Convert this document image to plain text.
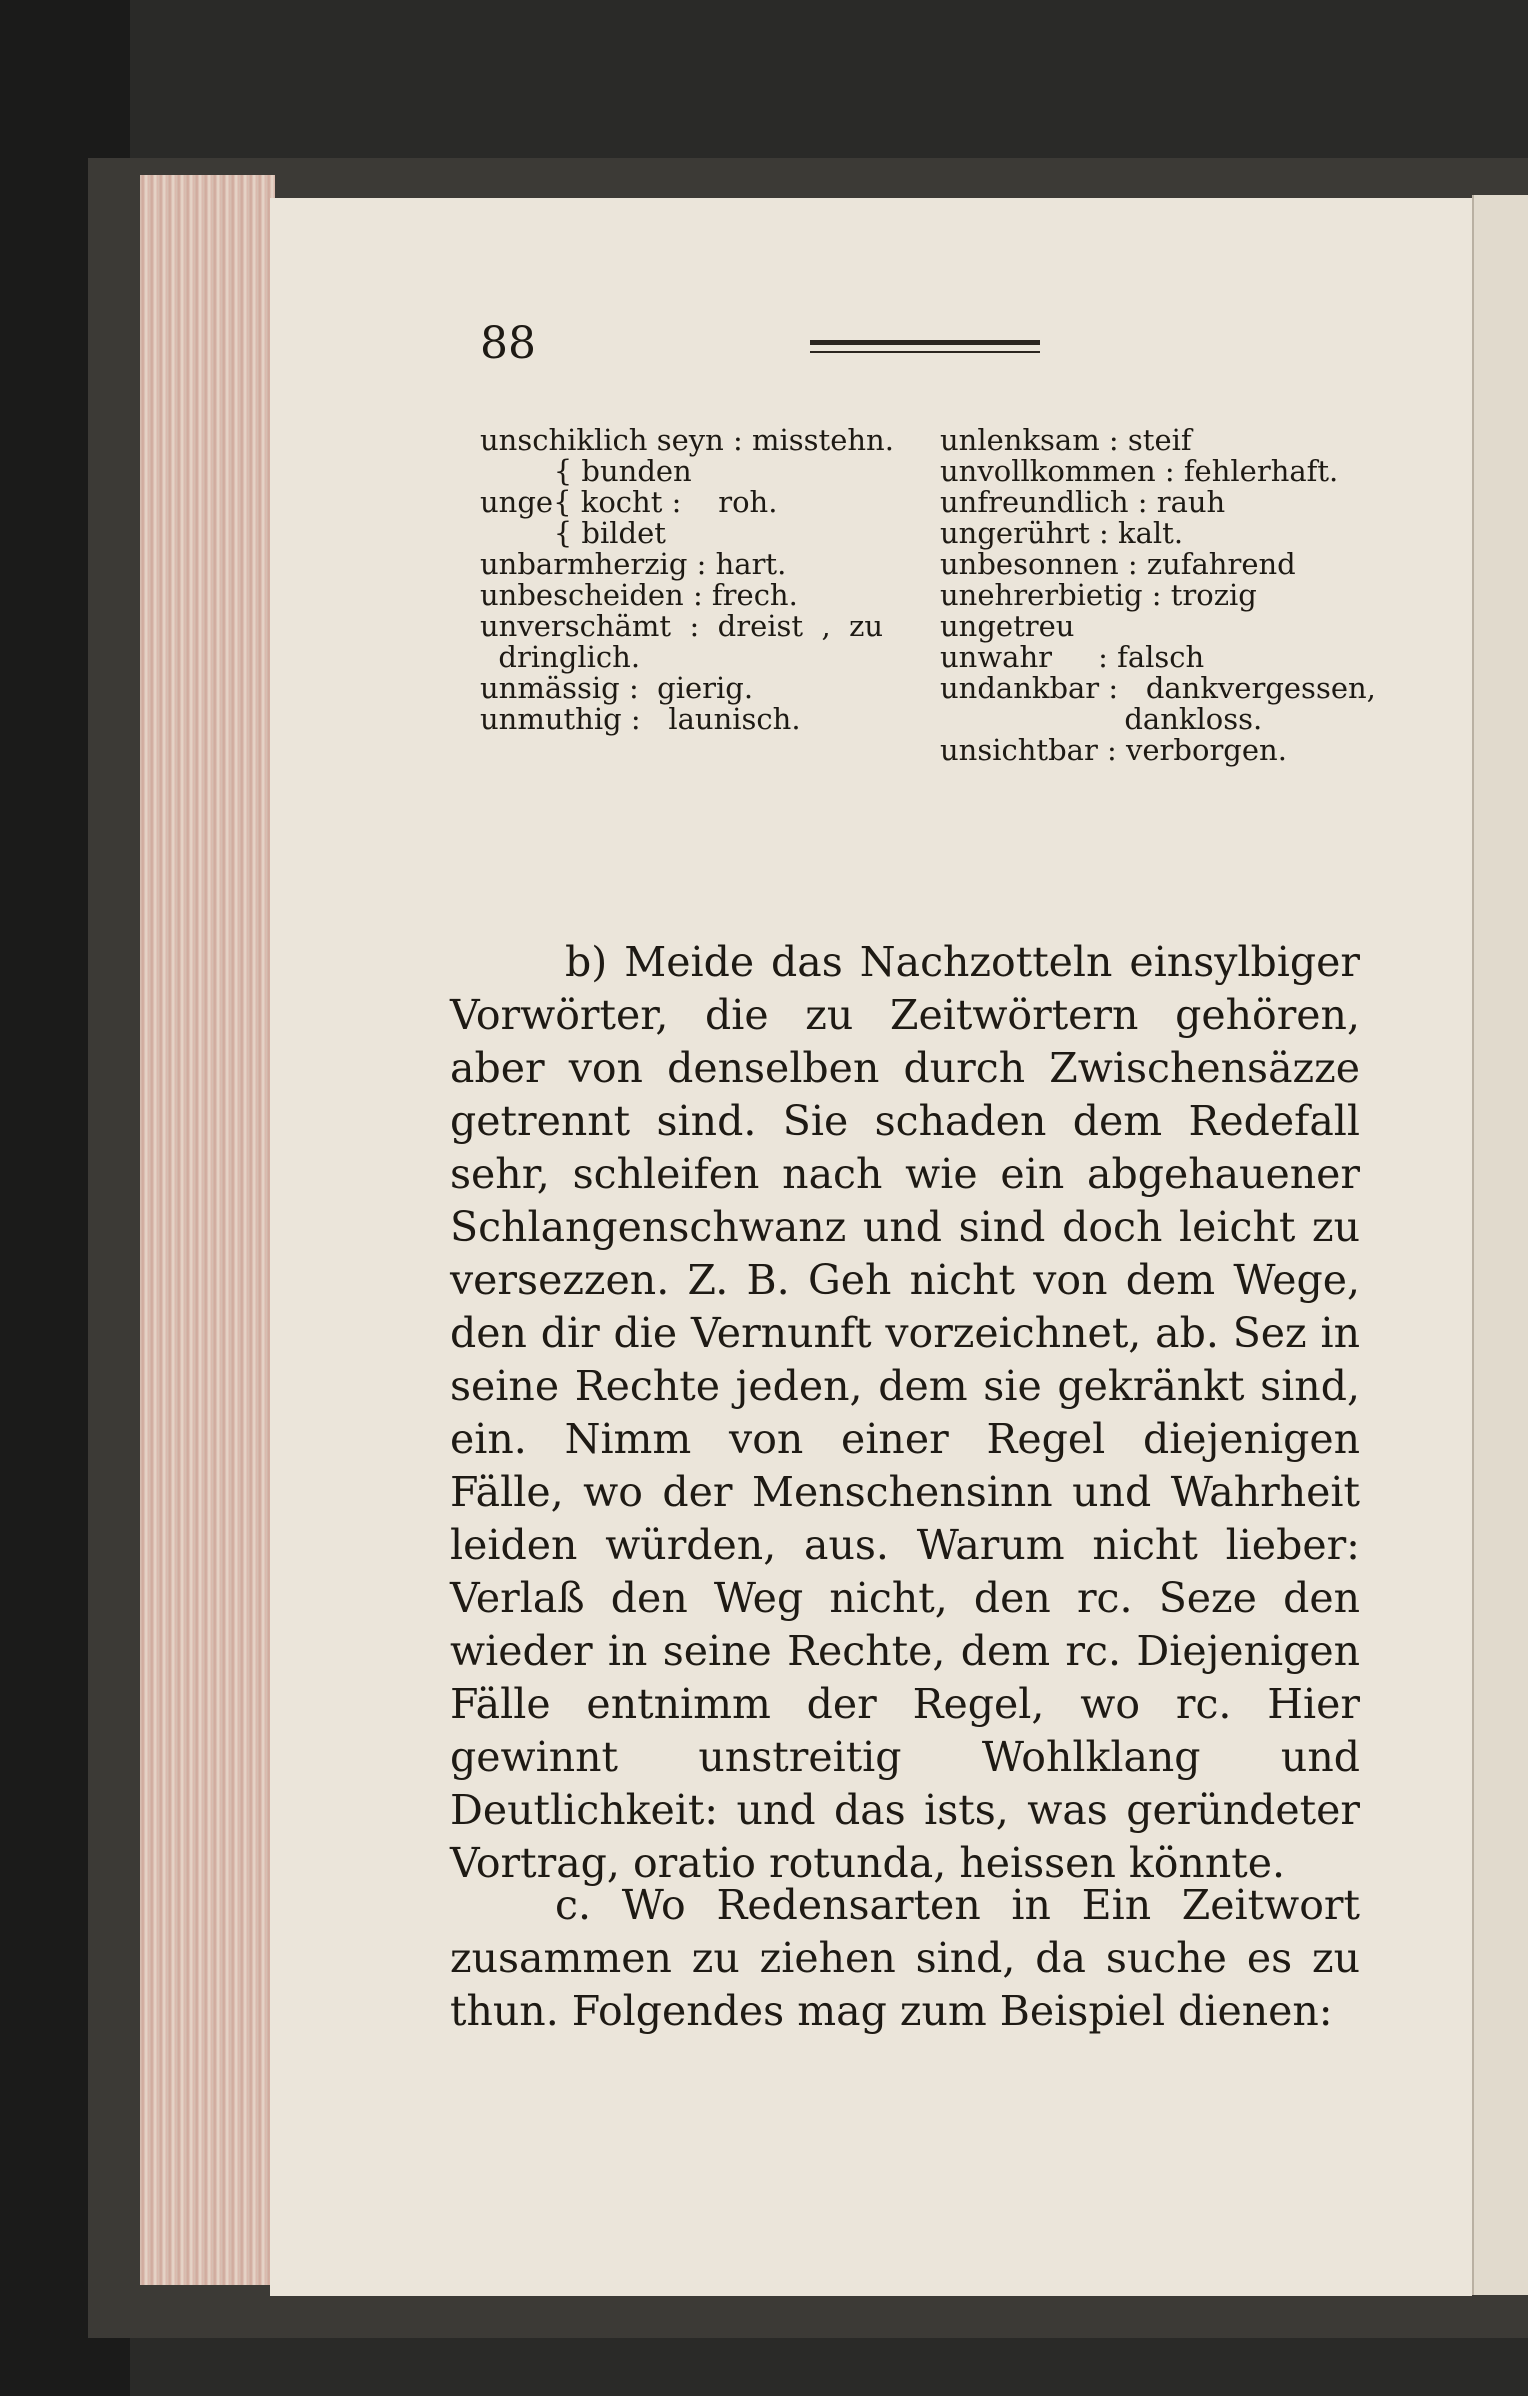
88
unschiklich seyn : misstehn.
{ bunden
unge{ kocht :    roh.
{ bildet
unbarmherzig : hart.
unbescheiden : frech.
unverschämt  :  dreist  ,  zu
dringlich.
unmässig :  gierig.
unmuthig :   launisch.
unlenksam : steif
unvollkommen : fehlerhaft.
unfreundlich : rauh
ungerührt : kalt.
unbesonnen : zufahrend
unehrerbietig : trozig
ungetreu
unwahr     : falsch
undankbar :   dankvergessen,
dankloss.
unsichtbar : verborgen.

b) Meide das Nachzotteln einsylbiger Vorwörter, die zu Zeitwörtern gehören, aber von denselben durch Zwischensäzze getrennt sind. Sie schaden dem Redefall sehr, schleifen nach wie ein abgehauener Schlangenschwanz und sind doch leicht zu versezzen. Z. B. Geh nicht von dem Wege, den dir die Vernunft vorzeichnet, ab. Sez in seine Rechte jeden, dem sie gekränkt sind, ein. Nimm von einer Regel diejenigen Fälle, wo der Menschensinn und Wahrheit leiden würden, aus. Warum nicht lieber: Verlaß den Weg nicht, den rc. Seze den wieder in seine Rechte, dem rc. Diejenigen Fälle entnimm der Regel, wo rc. Hier gewinnt unstreitig Wohlklang und Deutlichkeit: und das ists, was geründeter Vortrag, oratio rotunda, heissen könnte.

c. Wo Redensarten in Ein Zeitwort zusammen zu ziehen sind, da suche es zu thun. Folgendes mag zum Beispiel dienen:
